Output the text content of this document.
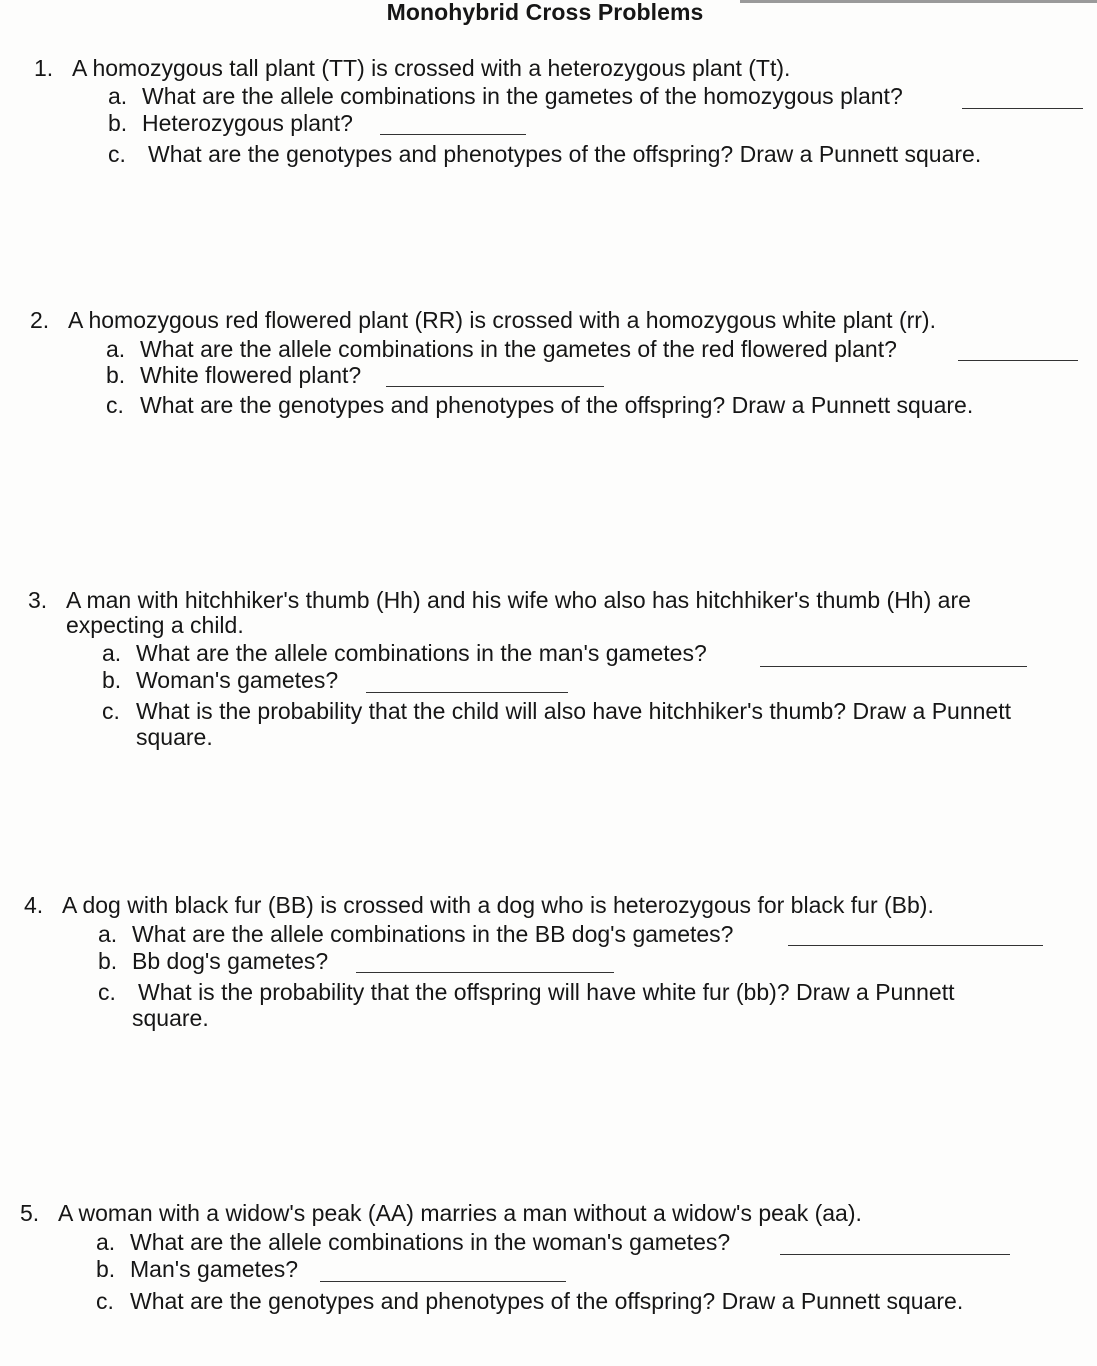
Monohybrid Cross Problems
1. A homozygous tall plant (TT) is crossed with a heterozygous plant (Tt).
a. What are the allele combinations in the gametes of the homozygous plant?
b. Heterozygous plant?
c. What are the genotypes and phenotypes of the offspring? Draw a Punnett square.
2. A homozygous red flowered plant (RR) is crossed with a homozygous white plant (rr).
a. What are the allele combinations in the gametes of the red flowered plant?
b. White flowered plant?
c. What are the genotypes and phenotypes of the offspring? Draw a Punnett square.
3. A man with hitchhiker's thumb (Hh) and his wife who also has hitchhiker's thumb (Hh) are
expecting a child.
a. What are the allele combinations in the man's gametes?
b. Woman's gametes?
c. What is the probability that the child will also have hitchhiker's thumb? Draw a Punnett
square.
4. A dog with black fur (BB) is crossed with a dog who is heterozygous for black fur (Bb).
a. What are the allele combinations in the BB dog's gametes?
b. Bb dog's gametes?
c. What is the probability that the offspring will have white fur (bb)? Draw a Punnett
square.
5. A woman with a widow's peak (AA) marries a man without a widow's peak (aa).
a. What are the allele combinations in the woman's gametes?
b. Man's gametes?
c. What are the genotypes and phenotypes of the offspring? Draw a Punnett square.
